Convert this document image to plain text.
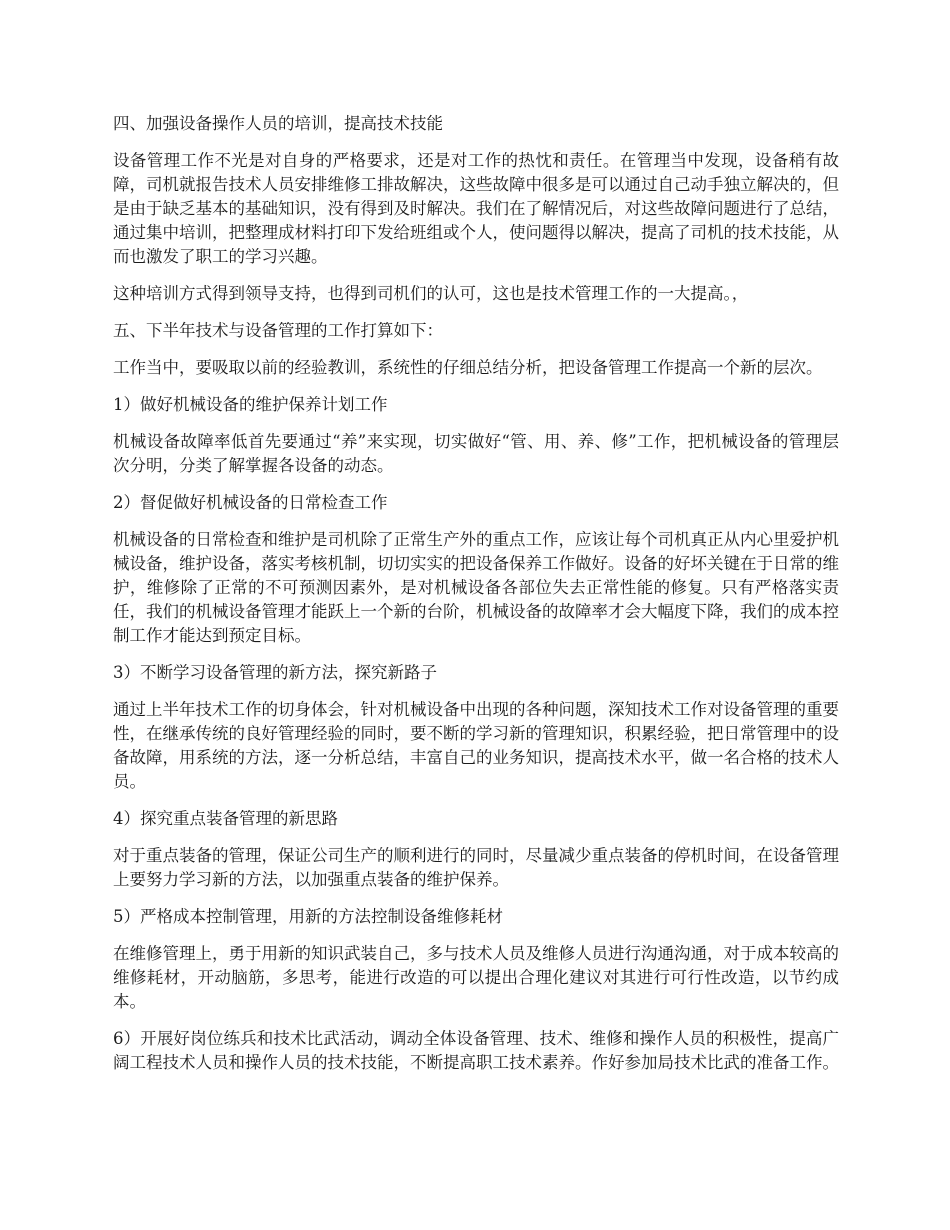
四、加强设备操作人员的培训，提高技术技能

设备管理工作不光是对自身的严格要求，还是对工作的热忱和责任。在管理当中发现，设备稍有故障，司机就报告技术人员安排维修工排故解决，这些故障中很多是可以通过自己动手独立解决的，但是由于缺乏基本的基础知识，没有得到及时解决。我们在了解情况后，对这些故障问题进行了总结，通过集中培训，把整理成材料打印下发给班组或个人，使问题得以解决，提高了司机的技术技能，从而也激发了职工的学习兴趣。

这种培训方式得到领导支持，也得到司机们的认可，这也是技术管理工作的一大提高。，

五、下半年技术与设备管理的工作打算如下：

工作当中，要吸取以前的经验教训，系统性的仔细总结分析，把设备管理工作提高一个新的层次。

1）做好机械设备的维护保养计划工作

机械设备故障率低首先要通过“养”来实现，切实做好“管、用、养、修”工作，把机械设备的管理层次分明，分类了解掌握各设备的动态。

2）督促做好机械设备的日常检查工作

机械设备的日常检查和维护是司机除了正常生产外的重点工作，应该让每个司机真正从内心里爱护机械设备，维护设备，落实考核机制，切切实实的把设备保养工作做好。设备的好坏关键在于日常的维护，维修除了正常的不可预测因素外，是对机械设备各部位失去正常性能的修复。只有严格落实责任，我们的机械设备管理才能跃上一个新的台阶，机械设备的故障率才会大幅度下降，我们的成本控制工作才能达到预定目标。

3）不断学习设备管理的新方法，探究新路子

通过上半年技术工作的切身体会，针对机械设备中出现的各种问题，深知技术工作对设备管理的重要性，在继承传统的良好管理经验的同时，要不断的学习新的管理知识，积累经验，把日常管理中的设备故障，用系统的方法，逐一分析总结，丰富自己的业务知识，提高技术水平，做一名合格的技术人员。

4）探究重点装备管理的新思路

对于重点装备的管理，保证公司生产的顺利进行的同时，尽量减少重点装备的停机时间，在设备管理上要努力学习新的方法，以加强重点装备的维护保养。

5）严格成本控制管理，用新的方法控制设备维修耗材

在维修管理上，勇于用新的知识武装自己，多与技术人员及维修人员进行沟通沟通，对于成本较高的维修耗材，开动脑筋，多思考，能进行改造的可以提出合理化建议对其进行可行性改造，以节约成本。

6）开展好岗位练兵和技术比武活动，调动全体设备管理、技术、维修和操作人员的积极性，提高广阔工程技术人员和操作人员的技术技能，不断提高职工技术素养。作好参加局技术比武的准备工作。
